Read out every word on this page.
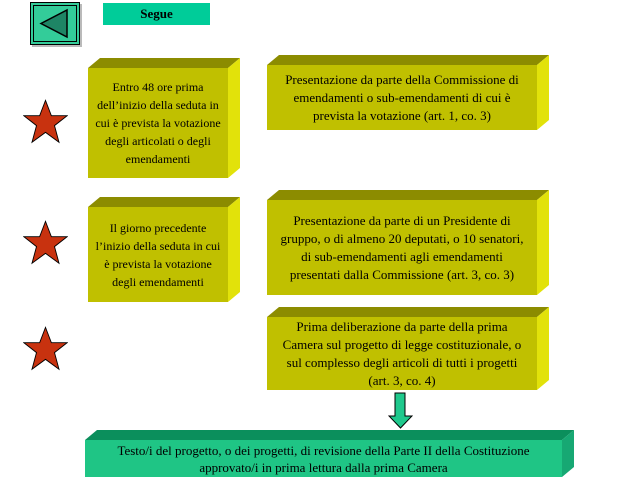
Segue
Entro 48 ore prima dell’inizio della seduta in cui è prevista la votazione degli articolati o degli emendamenti
Presentazione da parte della Commissione di emendamenti o sub-emendamenti di cui è prevista la votazione (art. 1, co. 3)
Il giorno precedente l’inizio della seduta in cui è prevista la votazione degli emendamenti
Presentazione da parte di un Presidente di gruppo, o di almeno 20 deputati, o 10 senatori, di sub-emendamenti agli emendamenti presentati dalla Commissione (art. 3, co. 3)
Prima deliberazione da parte della prima Camera sul progetto di legge costituzionale, o sul complesso degli articoli di tutti i progetti (art. 3, co. 4)
Testo/i del progetto, o dei progetti, di revisione della Parte II della Costituzione approvato/i in prima lettura dalla prima Camera
